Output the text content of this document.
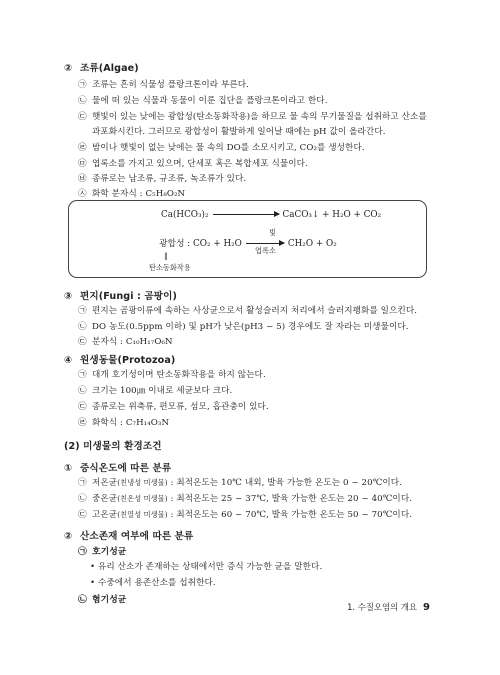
② 조류(Algae)
㉠ 조류는 흔히 식물성 플랑크톤이라 부른다.
㉡ 물에 떠 있는 식물과 동물이 이룬 집단을 플랑크톤이라고 한다.
㉢ 햇빛이 있는 낮에는 광합성(탄소동화작용)을 하므로 물 속의 무기물질을 섭취하고 산소를
과포화시킨다. 그러므로 광합성이 활발하게 일어날 때에는 pH 값이 올라간다.
㉣ 밤이나 햇빛이 없는 낮에는 물 속의 DO를 소모시키고, CO₂를 생성한다.
㉤ 엽록소를 가지고 있으며, 단세포 혹은 복합세포 식물이다.
㉥ 종류로는 남조류, 규조류, 녹조류가 있다.
㉦ 화학 분자식 : C₅H₈O₂N
Ca(HCO₃)₂	CaCO₃↓ + H₂O + CO₂
빛
광합성 : CO₂ + H₂O	CH₂O + O₂
엽록소
‖
탄소동화작용
③ 편지(Fungi : 곰팡이)
㉠ 편지는 곰팡이류에 속하는 사상균으로서 활성슬러지 처리에서 슬러지팽화를 일으킨다.
㉡ DO 농도(0.5ppm 이하) 및 pH가 낮은(pH3 ~ 5) 경우에도 잘 자라는 미생물이다.
㉢ 분자식 : C₁₀H₁₇O₆N
④ 원생동물(Protozoa)
㉠ 대개 호기성이며 탄소동화작용을 하지 않는다.
㉡ 크기는 100㎛ 이내로 세균보다 크다.
㉢ 종류로는 위축류, 편모류, 섬모, 흡관충이 있다.
㉣ 화학식 : C₇H₁₄O₃N
(2) 미생물의 환경조건
① 증식온도에 따른 분류
㉠ 저온균(친냉성 미생물) : 최적온도는 10℃ 내외, 발육 가능한 온도는 0 ~ 20℃이다.
㉡ 중온균(친온성 미생물) : 최적온도는 25 ~ 37℃, 발육 가능한 온도는 20 ~ 40℃이다.
㉢ 고온균(친열성 미생물) : 최적온도는 60 ~ 70℃, 발육 가능한 온도는 50 ~ 70℃이다.
② 산소존재 여부에 따른 분류
㉠ 호기성균
• 유리 산소가 존재하는 상태에서만 증식 가능한 균을 말한다.
• 수중에서 용존산소를 섭취한다.
㉡ 혐기성균
1. 수질오염의 개요 9
